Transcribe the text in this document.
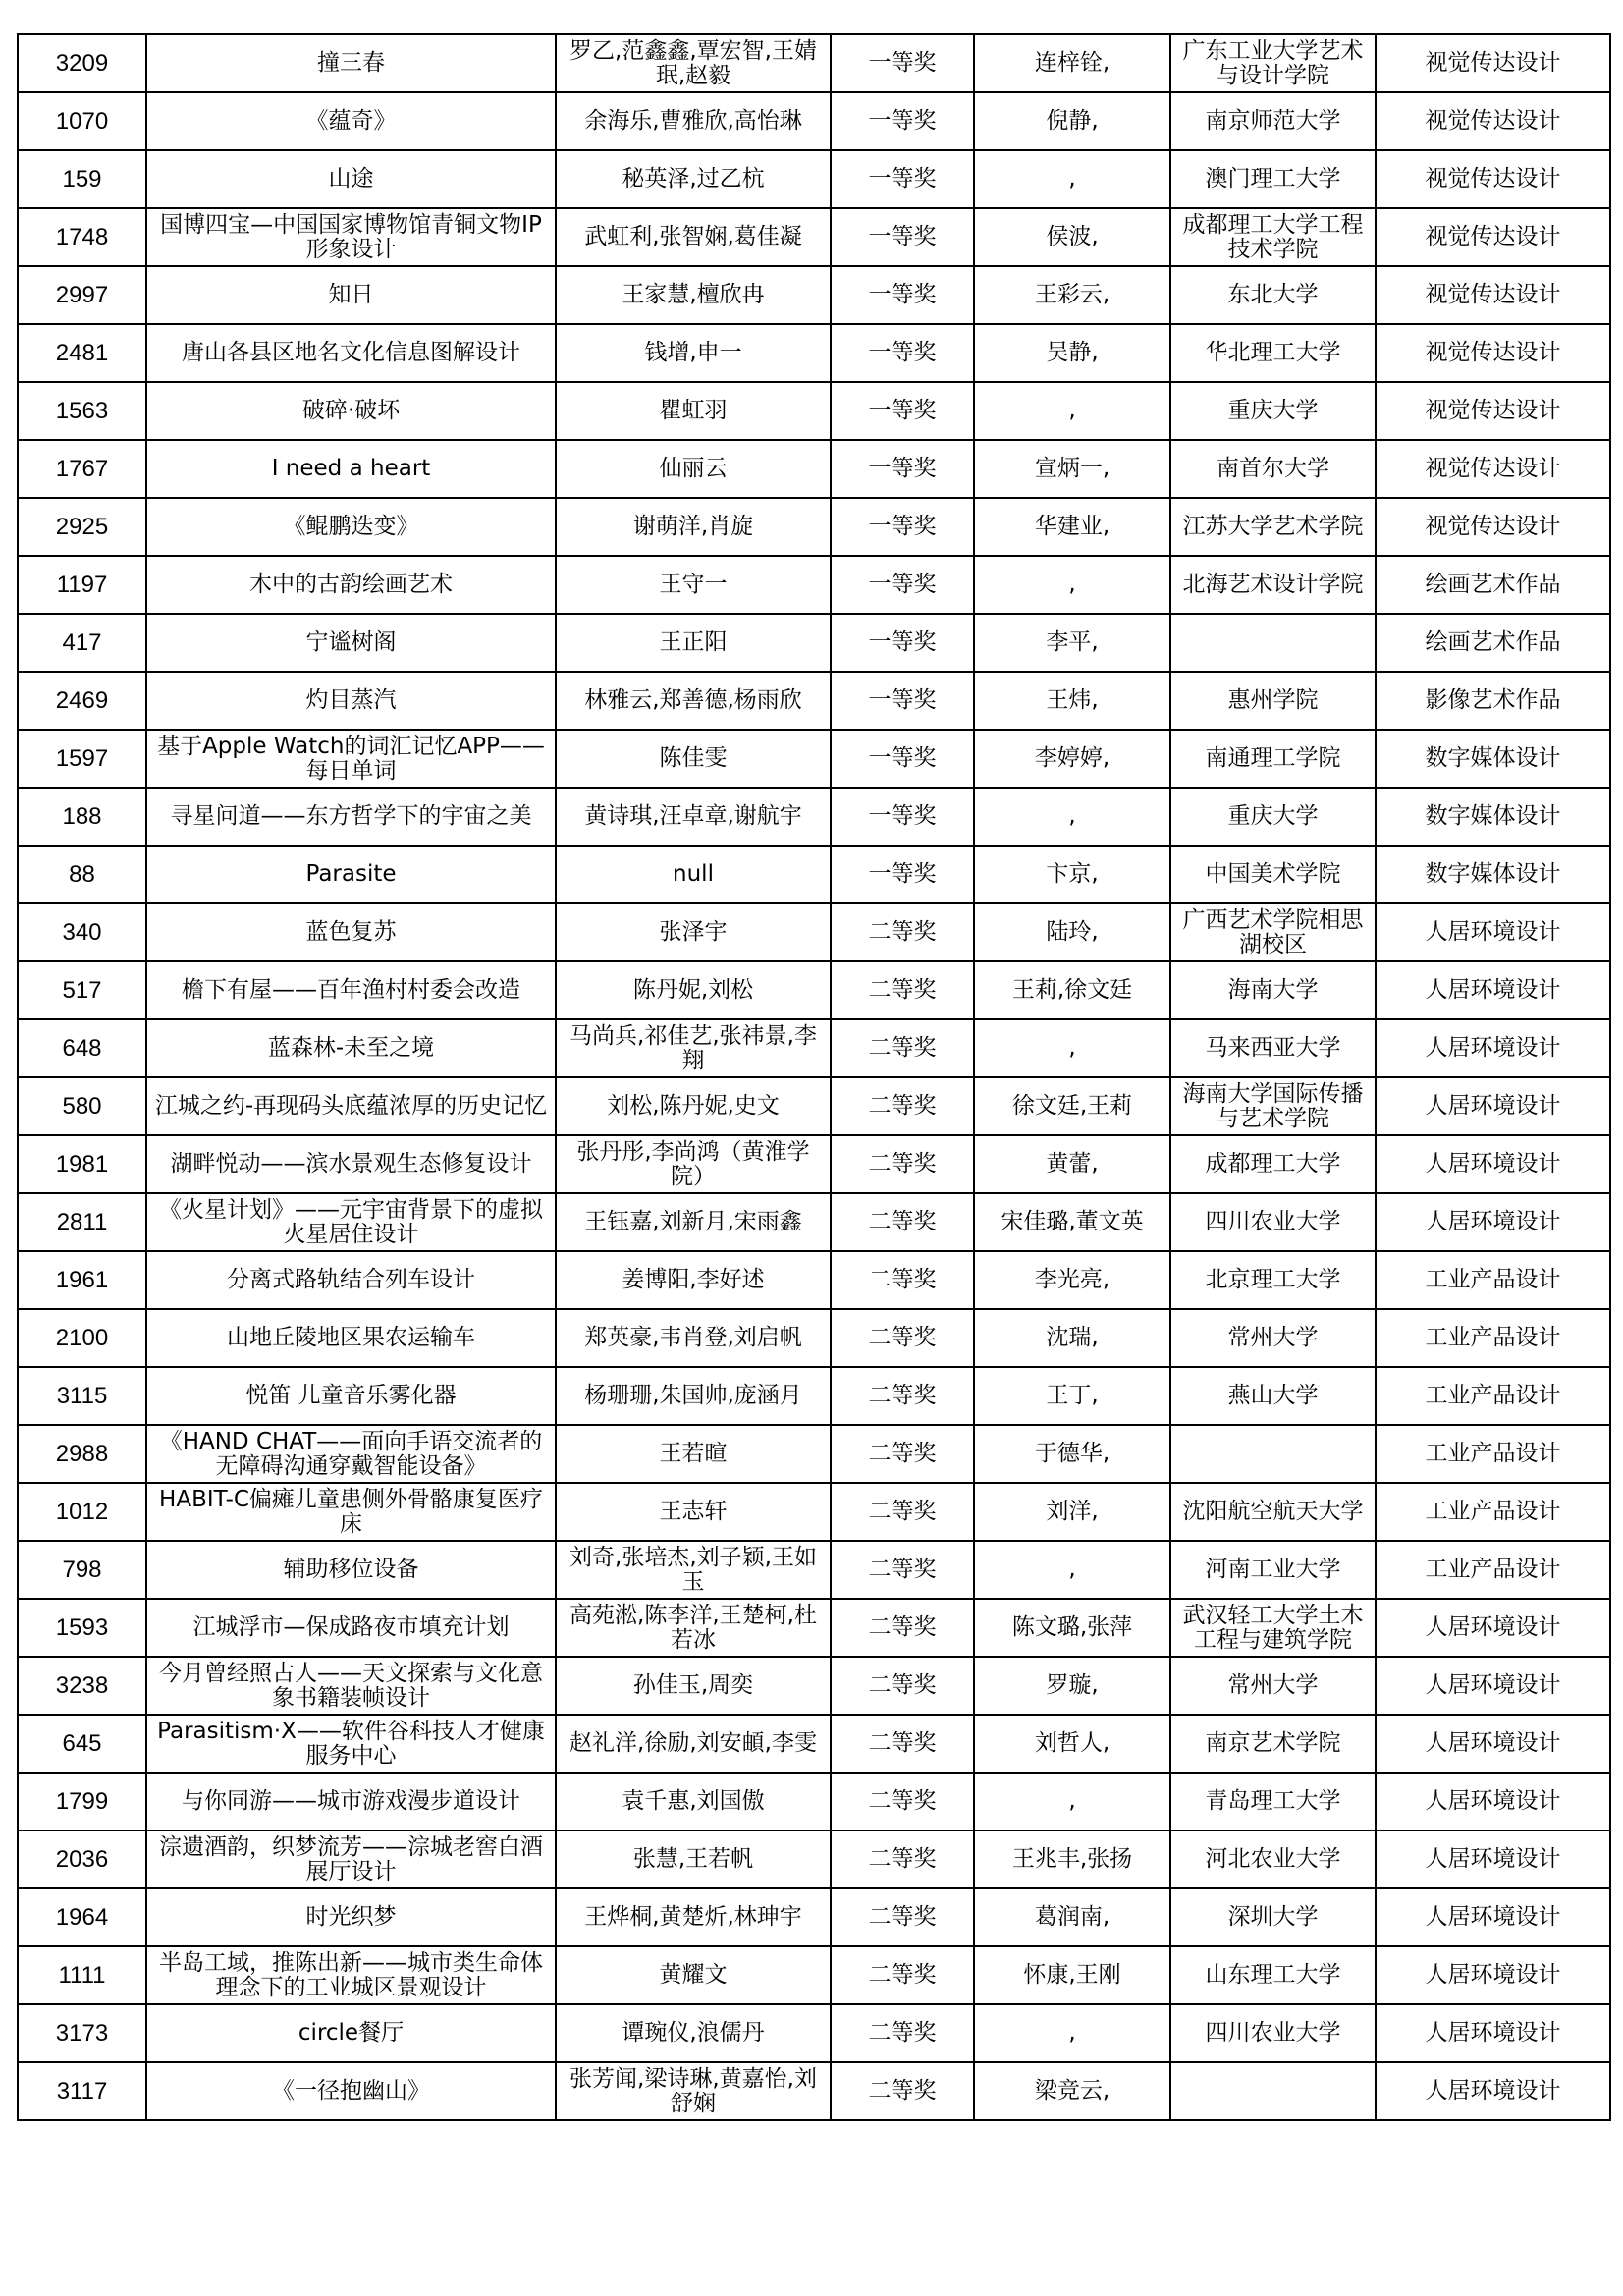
3209	撞三春	罗乙,范鑫鑫,覃宏智,王婧珉,赵毅	一等奖	连梓铨,	广东工业大学艺术与设计学院	视觉传达设计
1070	《蕴奇》	余海乐,曹雅欣,高怡琳	一等奖	倪静,	南京师范大学	视觉传达设计
159	山途	秘英泽,过乙杭	一等奖	,	澳门理工大学	视觉传达设计
1748	国博四宝—中国国家博物馆青铜文物IP形象设计	武虹利,张智娴,葛佳凝	一等奖	侯波,	成都理工大学工程技术学院	视觉传达设计
2997	知日	王家慧,檀欣冉	一等奖	王彩云,	东北大学	视觉传达设计
2481	唐山各县区地名文化信息图解设计	钱增,申一	一等奖	吴静,	华北理工大学	视觉传达设计
1563	破碎·破坏	瞿虹羽	一等奖	,	重庆大学	视觉传达设计
1767	I need a heart	仙丽云	一等奖	宣炳一,	南首尔大学	视觉传达设计
2925	《鲲鹏迭变》	谢萌洋,肖旋	一等奖	华建业,	江苏大学艺术学院	视觉传达设计
1197	木中的古韵绘画艺术	王守一	一等奖	,	北海艺术设计学院	绘画艺术作品
417	宁谧树阁	王正阳	一等奖	李平,		绘画艺术作品
2469	灼目蒸汽	林雅云,郑善德,杨雨欣	一等奖	王炜,	惠州学院	影像艺术作品
1597	基于Apple Watch的词汇记忆APP——每日单词	陈佳雯	一等奖	李婷婷,	南通理工学院	数字媒体设计
188	寻星问道——东方哲学下的宇宙之美	黄诗琪,汪卓章,谢航宇	一等奖	,	重庆大学	数字媒体设计
88	Parasite	null	一等奖	卞京,	中国美术学院	数字媒体设计
340	蓝色复苏	张泽宇	二等奖	陆玲,	广西艺术学院相思湖校区	人居环境设计
517	檐下有屋——百年渔村村委会改造	陈丹妮,刘松	二等奖	王莉,徐文廷	海南大学	人居环境设计
648	蓝森林-未至之境	马尚兵,祁佳艺,张祎景,李翔	二等奖	,	马来西亚大学	人居环境设计
580	江城之约-再现码头底蕴浓厚的历史记忆	刘松,陈丹妮,史文	二等奖	徐文廷,王莉	海南大学国际传播与艺术学院	人居环境设计
1981	湖畔悦动——滨水景观生态修复设计	张丹彤,李尚鸿（黄淮学院）	二等奖	黄蕾,	成都理工大学	人居环境设计
2811	《火星计划》——元宇宙背景下的虚拟火星居住设计	王钰嘉,刘新月,宋雨鑫	二等奖	宋佳璐,董文英	四川农业大学	人居环境设计
1961	分离式路轨结合列车设计	姜博阳,李好述	二等奖	李光亮,	北京理工大学	工业产品设计
2100	山地丘陵地区果农运输车	郑英豪,韦肖登,刘启帆	二等奖	沈瑞,	常州大学	工业产品设计
3115	悦笛 儿童音乐雾化器	杨珊珊,朱国帅,庞涵月	二等奖	王丁,	燕山大学	工业产品设计
2988	《HAND CHAT——面向手语交流者的无障碍沟通穿戴智能设备》	王若暄	二等奖	于德华,		工业产品设计
1012	HABIT-C偏瘫儿童患侧外骨骼康复医疗床	王志轩	二等奖	刘洋,	沈阳航空航天大学	工业产品设计
798	辅助移位设备	刘奇,张培杰,刘子颖,王如玉	二等奖	,	河南工业大学	工业产品设计
1593	江城浮市—保成路夜市填充计划	高苑淞,陈李洋,王楚柯,杜若冰	二等奖	陈文璐,张萍	武汉轻工大学土木工程与建筑学院	人居环境设计
3238	今月曾经照古人——天文探索与文化意象书籍装帧设计	孙佳玉,周奕	二等奖	罗璇,	常州大学	人居环境设计
645	Parasitism·X——软件谷科技人才健康服务中心	赵礼洋,徐励,刘安頔,李雯	二等奖	刘哲人,	南京艺术学院	人居环境设计
1799	与你同游——城市游戏漫步道设计	袁千惠,刘国傲	二等奖	,	青岛理工大学	人居环境设计
2036	淙遗酒韵，织梦流芳——淙城老窖白酒展厅设计	张慧,王若帆	二等奖	王兆丰,张扬	河北农业大学	人居环境设计
1964	时光织梦	王烨桐,黄楚炘,林珅宇	二等奖	葛润南,	深圳大学	人居环境设计
1111	半岛工域，推陈出新——城市类生命体理念下的工业城区景观设计	黄耀文	二等奖	怀康,王刚	山东理工大学	人居环境设计
3173	circle餐厅	谭琬仪,浪儒丹	二等奖	,	四川农业大学	人居环境设计
3117	《一径抱幽山》	张芳闻,梁诗琳,黄嘉怡,刘舒娴	二等奖	梁竞云,		人居环境设计
